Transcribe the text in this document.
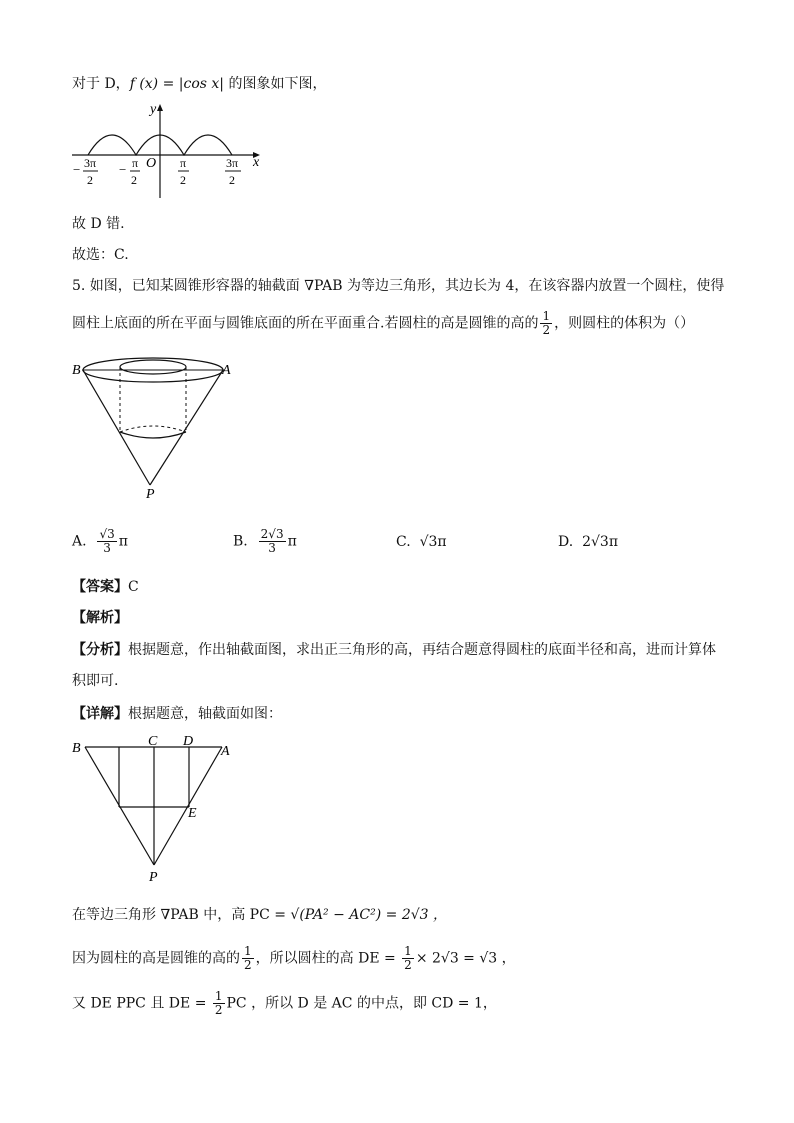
对于 D，f (x) = |cos x| 的图象如下图，
y
x
O
− 3π
2
− π
2
π
2
3π
2
故 D 错.
故选：C.
5. 如图，已知某圆锥形容器的轴截面 ∇PAB 为等边三角形，其边长为 4，在该容器内放置一个圆柱，使得
圆柱上底面的所在平面与圆锥底面的所在平面重合.若圆柱的高是圆锥的高的 $\frac{1}{2}$ ，则圆柱的体积为（）
B	A
P
A. $\frac{√3}{3}$ π	B. $\frac{2√3}{3}$ π	C. √3π	D. 2√3π
【答案】C
【解析】
【分析】根据题意，作出轴截面图，求出正三角形的高，再结合题意得圆柱的底面半径和高，进而计算体
积即可.
【详解】根据题意，轴截面如图：
B	C D
A
E
P
在等边三角形 ∇PAB 中，高 PC = √(PA² − AC²) = 2√3 ，
因为圆柱的高是圆锥的高的 $\frac{1}{2}$ ，所以圆柱的高 DE = $\frac{1}{2} \times 2√3 = √3$ ，
又 DE PPC 且 DE = $\frac{1}{2}$ PC ，所以 D 是 AC 的中点，即 CD = 1，
